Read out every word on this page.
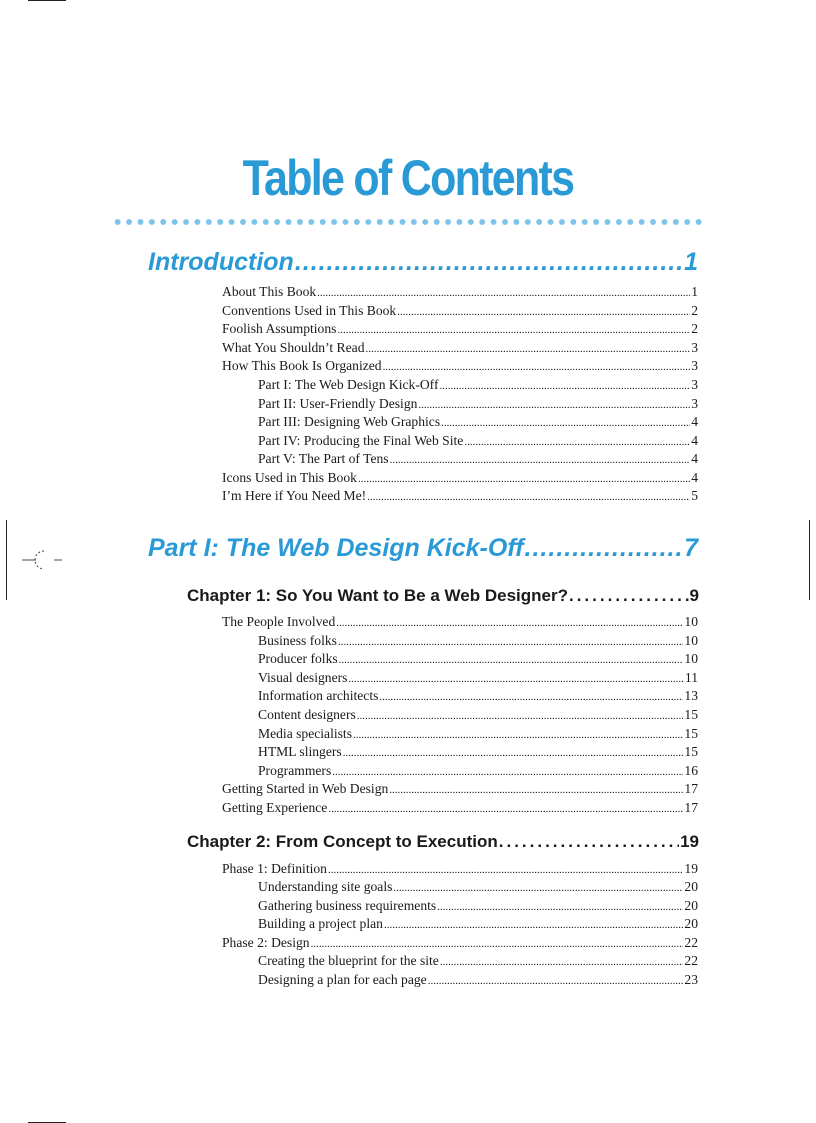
Table of Contents
Introduction .....	1
About This Book .....	1
Conventions Used in This Book .....	2
Foolish Assumptions .....	2
What You Shouldn’t Read .....	3
How This Book Is Organized .....	3
Part I: The Web Design Kick-Off .....	3
Part II: User-Friendly Design .....	3
Part III: Designing Web Graphics .....	4
Part IV: Producing the Final Web Site .....	4
Part V: The Part of Tens .....	4
Icons Used in This Book .....	4
I’m Here if You Need Me! .....	5
Part I: The Web Design Kick-Off .....	7
Chapter 1: So You Want to Be a Web Designer? .....	9
The People Involved .....	10
Business folks .....	10
Producer folks .....	10
Visual designers .....	11
Information architects .....	13
Content designers .....	15
Media specialists .....	15
HTML slingers .....	15
Programmers .....	16
Getting Started in Web Design .....	17
Getting Experience .....	17
Chapter 2: From Concept to Execution .....	19
Phase 1: Definition .....	19
Understanding site goals .....	20
Gathering business requirements .....	20
Building a project plan .....	20
Phase 2: Design .....	22
Creating the blueprint for the site .....	22
Designing a plan for each page .....	23
